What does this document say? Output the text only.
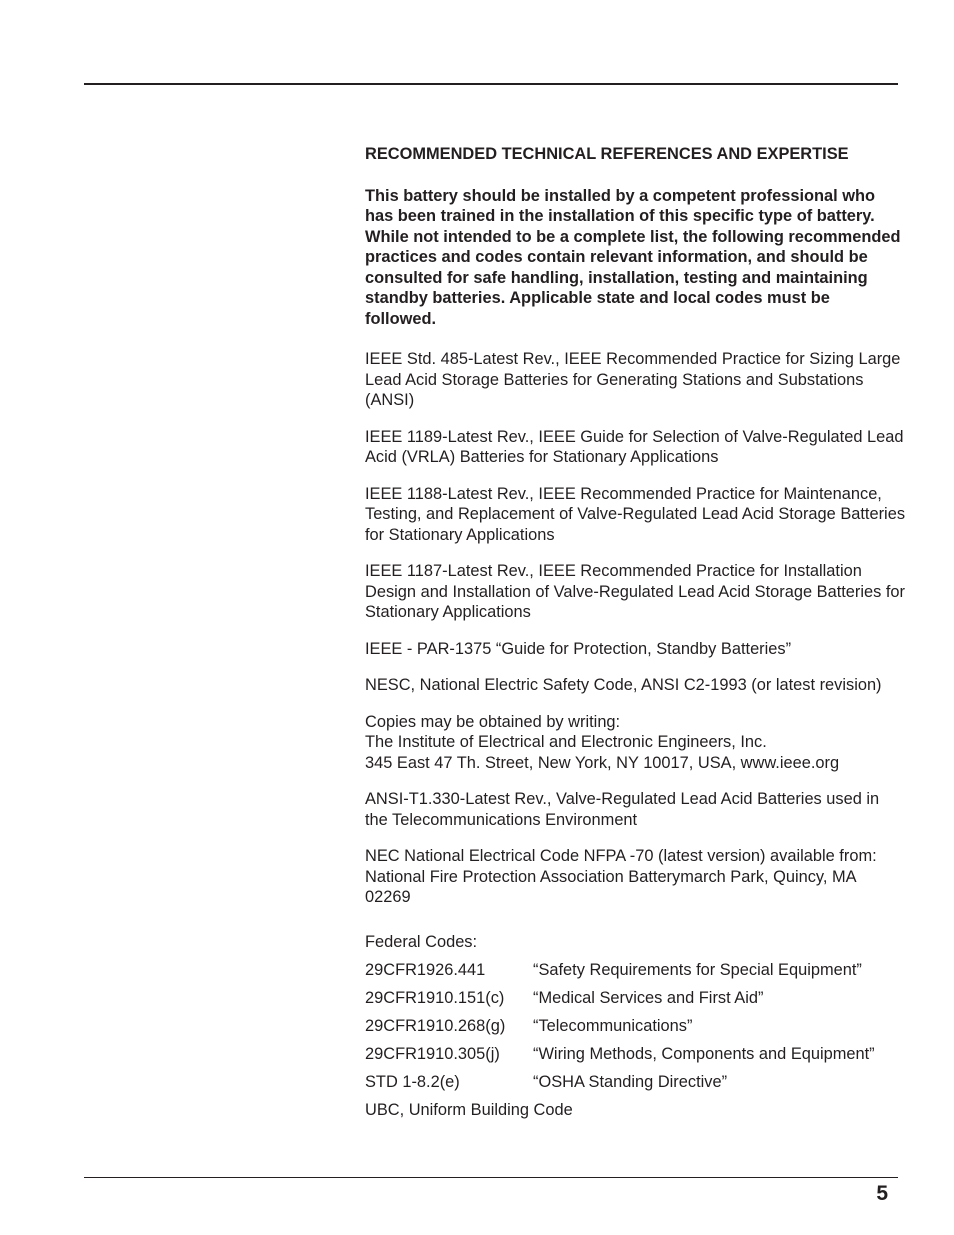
RECOMMENDED TECHNICAL REFERENCES AND EXPERTISE

This battery should be installed by a competent professional who has been trained in the installation of this specific type of battery. While not intended to be a complete list, the following recommended practices and codes contain relevant information, and should be consulted for safe handling, installation, testing and maintaining standby batteries. Applicable state and local codes must be followed.

IEEE Std. 485-Latest Rev., IEEE Recommended Practice for Sizing Large Lead Acid Storage Batteries for Generating Stations and Substations (ANSI)

IEEE 1189-Latest Rev., IEEE Guide for Selection of Valve-Regulated Lead Acid (VRLA) Batteries for Stationary Applications

IEEE 1188-Latest Rev., IEEE Recommended Practice for Maintenance, Testing, and Replacement of Valve-Regulated Lead Acid Storage Batteries for Stationary Applications

IEEE 1187-Latest Rev., IEEE Recommended Practice for Installation Design and Installation of Valve-Regulated Lead Acid Storage Batteries for Stationary Applications

IEEE - PAR-1375 “Guide for Protection, Standby Batteries”

NESC, National Electric Safety Code, ANSI C2-1993 (or latest revision)

Copies may be obtained by writing:
The Institute of Electrical and Electronic Engineers, Inc.
345 East 47 Th. Street, New York, NY 10017, USA, www.ieee.org

ANSI-T1.330-Latest Rev., Valve-Regulated Lead Acid Batteries used in the Telecommunications Environment

NEC National Electrical Code NFPA -70 (latest version) available from: National Fire Protection Association Batterymarch Park, Quincy, MA 02269

Federal Codes:

29CFR1926.441	“Safety Requirements for Special Equipment”
29CFR1910.151(c)	“Medical Services and First Aid”
29CFR1910.268(g)	“Telecommunications”
29CFR1910.305(j)	“Wiring Methods, Components and Equipment”
STD 1-8.2(e)	“OSHA Standing Directive”

UBC, Uniform Building Code

5
